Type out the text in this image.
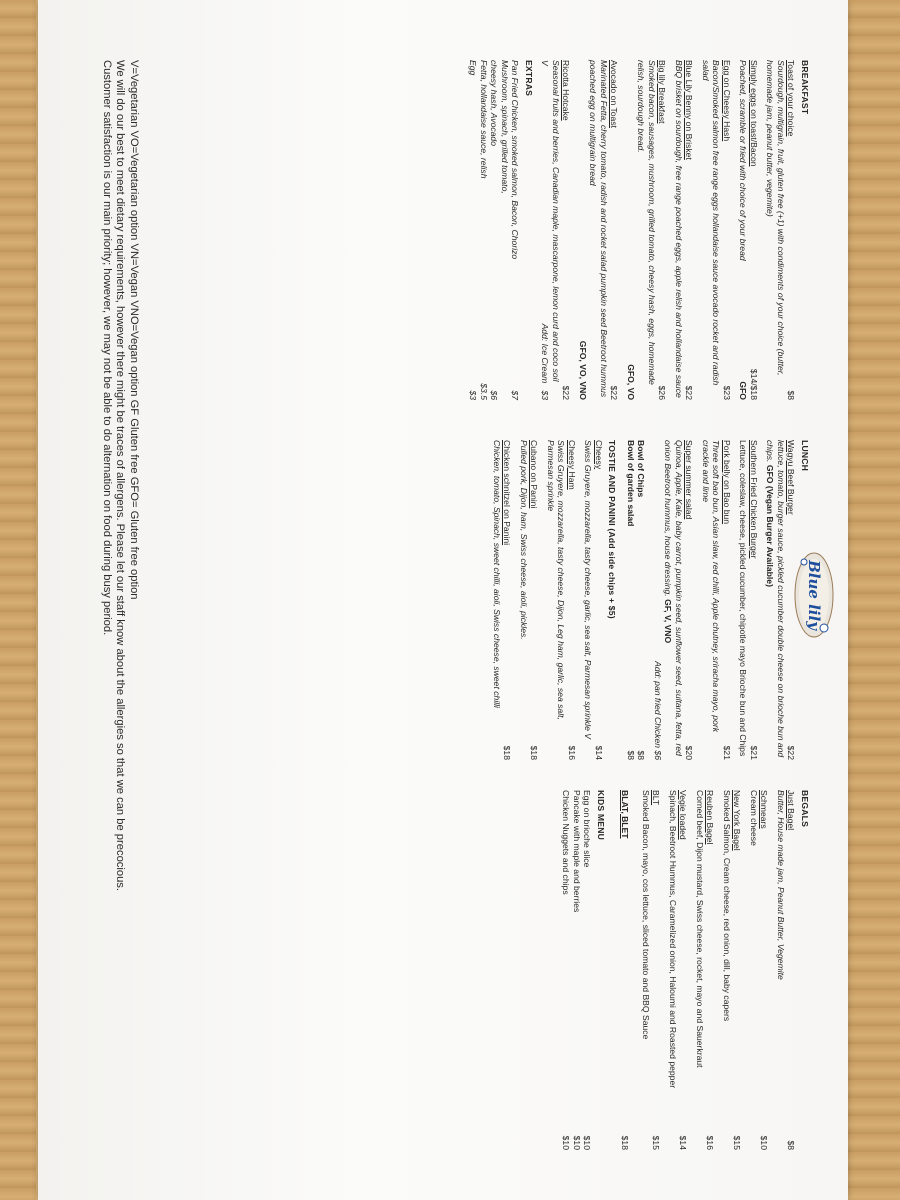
BREAKFAST
Toast of your choice
$8
Sourdough, multigrain, fruit, gluten free (+1) with condiments of your choice (butter, homemade jam, peanut butter, vegemite)
Simply eggs on toast/Bacon
$14/$18
Poached, scramble or fried with choice of your bread
GFO
Egg on Cheesy Hash
$23
Bacon/Smoked salmon free range eggs hollandaise sauce avocado rocket and radish salad
Blue Lily Benny on Brisket
$22
BBQ brisket on sourdough, free range poached eggs, apple relish and hollandaise sauce
Big lily Breakfast
$26
Smoked bacon, sausages, mushroom, grilled tomato, cheesy hash, eggs, homemade relish, sourdough bread.
GFO, VO
Avocado on Toast
$22
Marinated Fetta, cherry tomato, radish and rocket salad pumpkin seed Beetroot hummus poached egg on multigrain bread
GFO, VO, VNO
Ricotta Hotcake
$22
Seasonal fruits and berries, Canadian maple, mascarpone, lemon curd and coco soil
V
Add: Ice Cream   $3
EXTRAS
Pan Fried Chicken, smoked salmon, Bacon, Chorizo
$7
Mushroom, spinach, grilled tomato,
cheesy hash, Avocado
$6
Fetta, hollandaise sauce, relish
$3.5
Egg
$3
Blue lily
LUNCH
Wagyu Beef Burger
$22
lettuce, tomato, burger sauce, pickled cucumber double cheese on brioche bun and chips. GFO (Vegan Burger Available)
Southern Fried Chicken Burger
$21
Lettuce, coleslaw, cheese, pickled cucumber, chipotle mayo Brioche bun and Chips
Pork belly on Bao bun
$21
Three soft bao bun, Asian slaw, red chilli, Apple chutney, sriracha mayo, pork crackle and lime
Super summer salad
$20
Quinoa, Apple, Kale, baby carrot, pumpkin seed, sunflower seed, sultana, fetta, red onion Beetroot hummus, house dressing. GF, V, VNO
Add: pan fried Chicken $6
Bowl of Chips
$8
Bowl of garden salad
$8
TOSTIE AND PANINI (Add side chips + $5)
Cheesy
$14
Swiss Gruyere, mozzarella, tasty cheese, garlic, sea salt, Parmesan sprinkle V
Cheesy Ham
$16
Swiss Gruyere, mozzarella, tasty cheese, Dijon, Leg ham, garlic, sea salt, Parmesan sprinkle
Cubano on Panini
$18
Pulled pork, Dijon, ham, Swiss cheese, aioli, pickles.
Chicken schnitzel on Panini
$18
Chicken, tomato, Spinach, sweet chilli, aioli, Swiss cheese, sweet chilli
BEGALS
Just Bagel
$8
Butter, House made jam, Peanut Butter, Vegemite
Schmears
$10
Cream cheese
New York Bagel
$15
Smoked Salmon, Cream cheese, red onion, dill, baby capers
Reuben Bagel
$16
Corned beef, Dijon mustard, Swiss cheese, rocket, mayo and Sauerkraut
Vegie loaded
$14
Spinach, Beetroot Hummus, Caramelized onion, Haloumi and Roasted pepper
BLT
$15
Smoked Bacon, mayo, cos lettuce, sliced tomato and BBQ Sauce
BLAT, BLET
$18
KIDS MENU
Egg on brioche slice
$10
Pancake with maple and berries
$10
Chicken Nuggets and chips
$10
V=Vegetarian VO=Vegetarian option VN=Vegan VNO=Vegan option GF Gluten free GFO= Gluten free option
We will do our best to meet dietary requirements, however there might be traces of allergens. Please let our staff know about the allergies so that we can be precocious.
Customer satisfaction is our main priority; however, we may not be able to do alternation on food during busy period.
